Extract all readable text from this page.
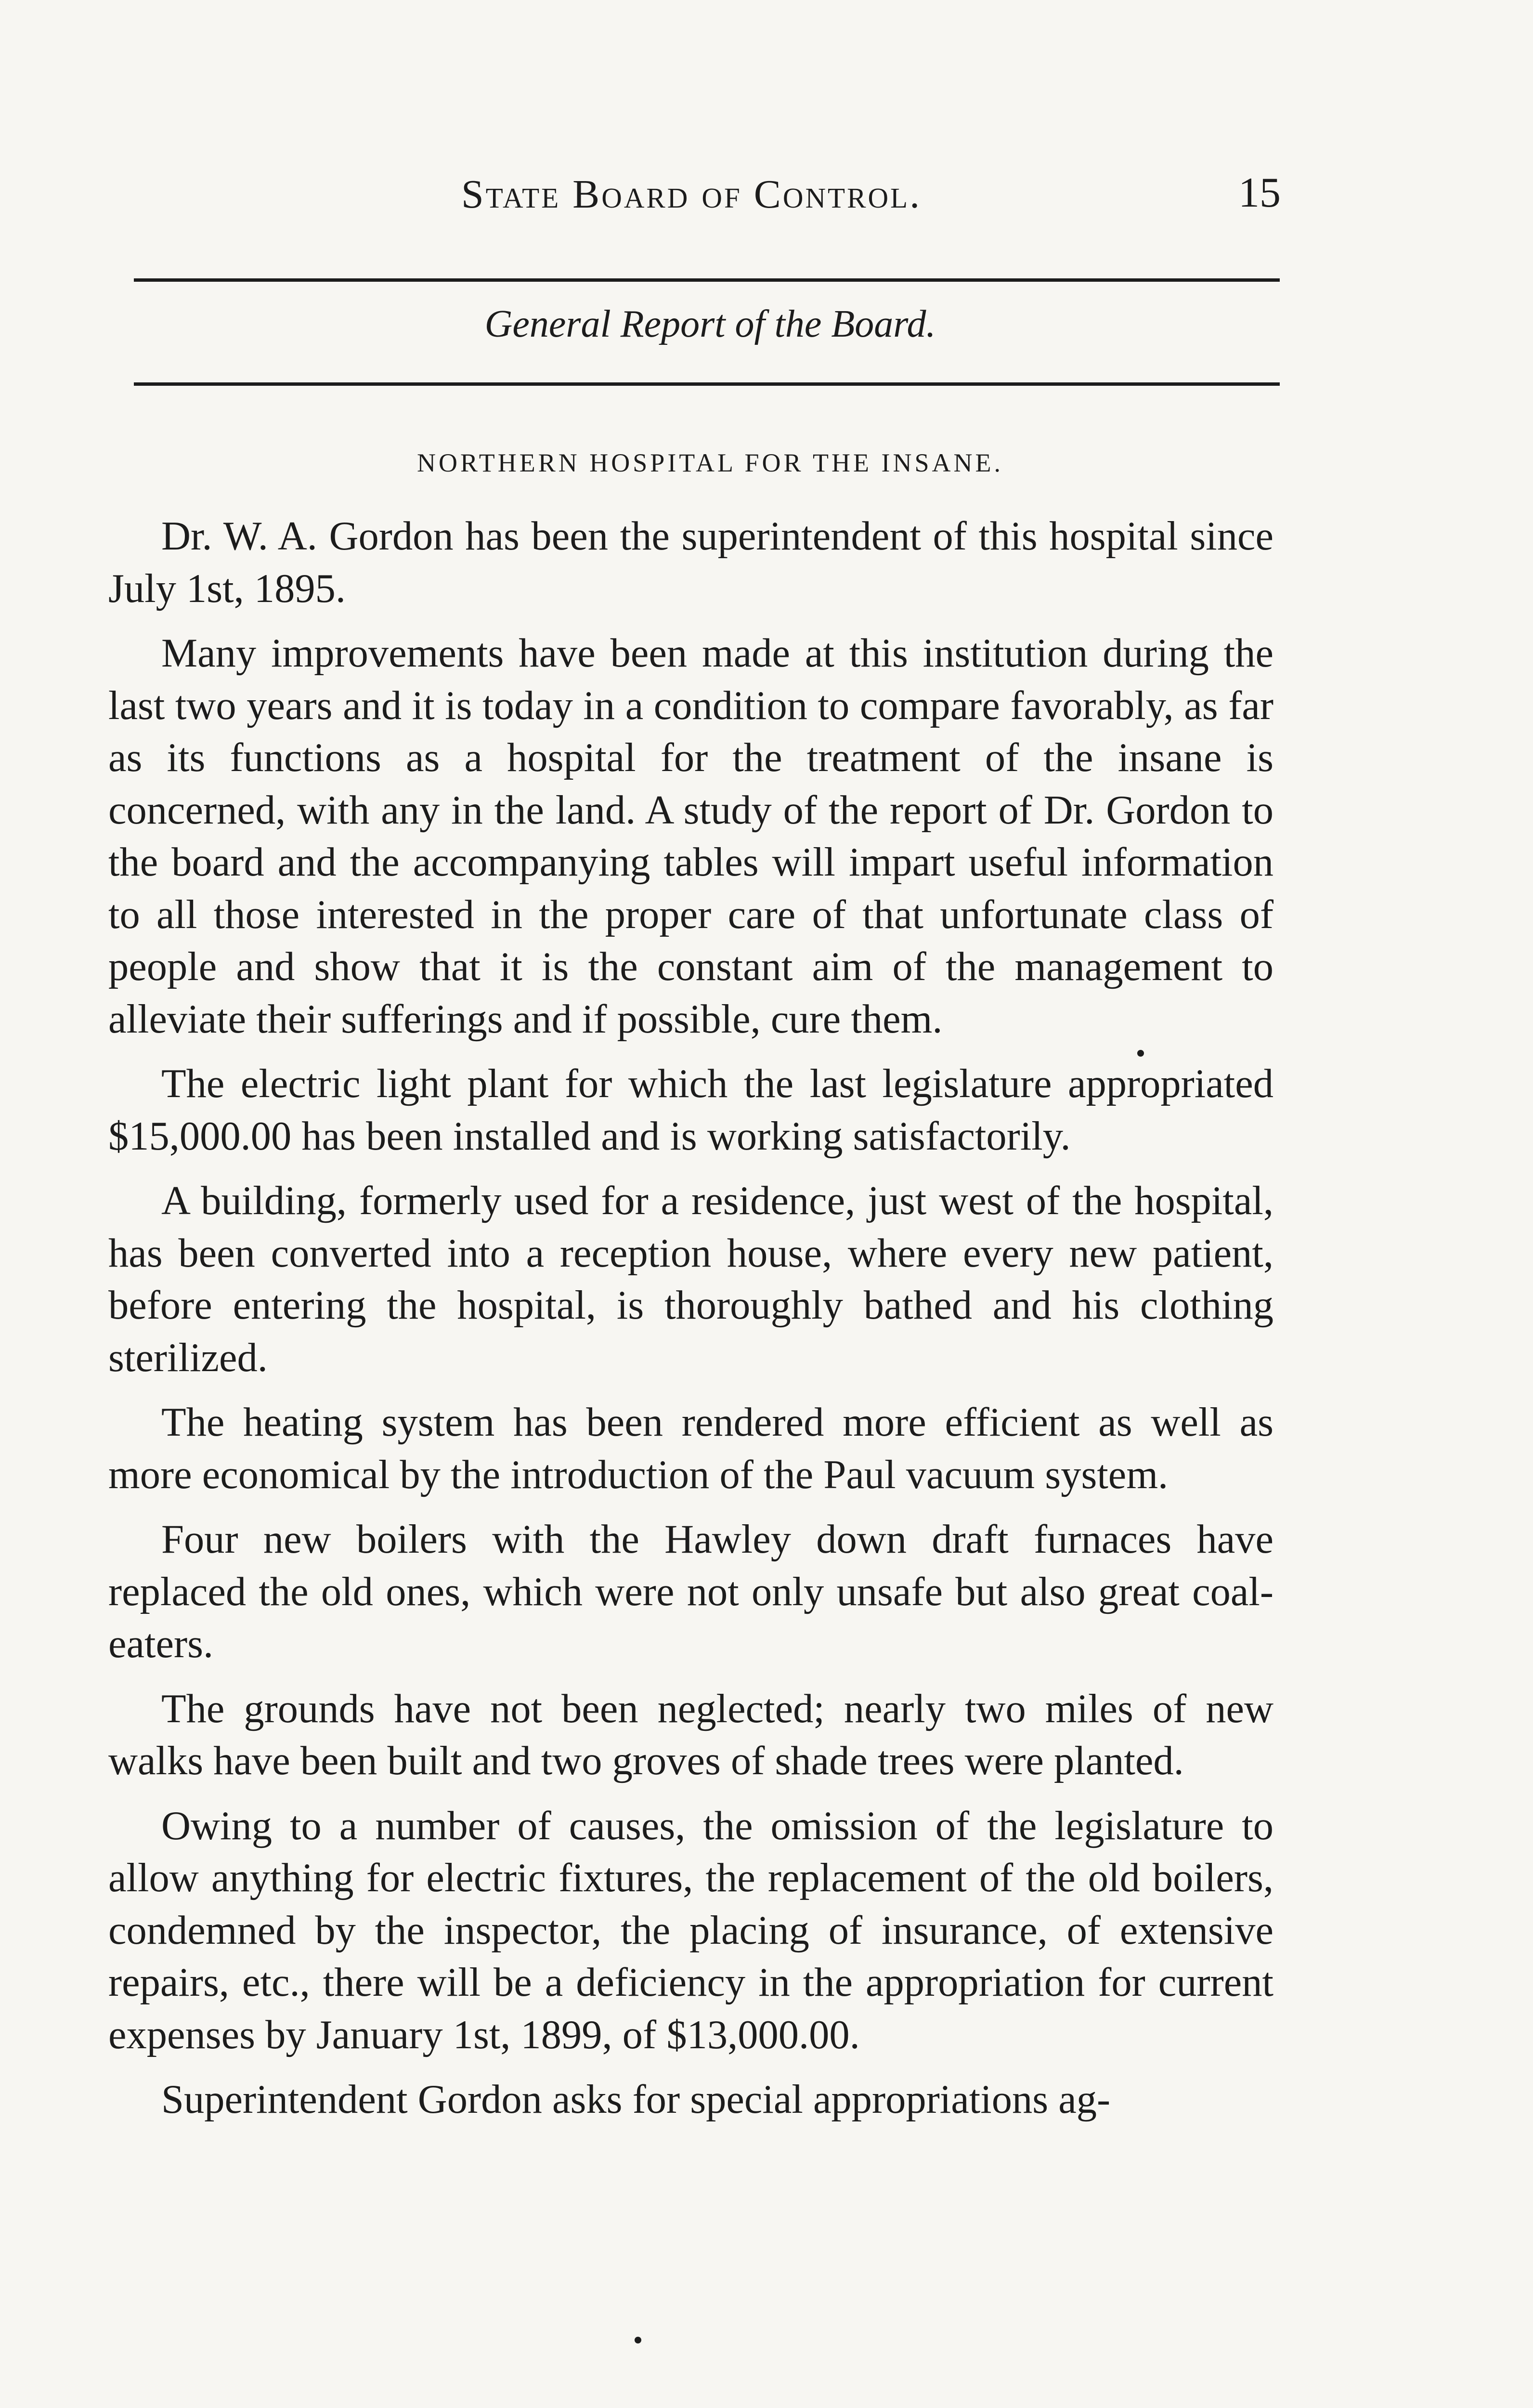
State Board of Control.	15
General Report of the Board.
NORTHERN HOSPITAL FOR THE INSANE.

Dr. W. A. Gordon has been the superintendent of this hospital since July 1st, 1895.

Many improvements have been made at this institution during the last two years and it is today in a condition to compare favorably, as far as its functions as a hospital for the treatment of the insane is concerned, with any in the land. A study of the report of Dr. Gordon to the board and the accompanying tables will impart useful information to all those interested in the proper care of that unfortunate class of people and show that it is the constant aim of the management to alleviate their sufferings and if possible, cure them.

The electric light plant for which the last legislature appropriated $15,000.00 has been installed and is working satisfactorily.

A building, formerly used for a residence, just west of the hospital, has been converted into a reception house, where every new patient, before entering the hospital, is thoroughly bathed and his clothing sterilized.

The heating system has been rendered more efficient as well as more economical by the introduction of the Paul vacuum system.

Four new boilers with the Hawley down draft furnaces have replaced the old ones, which were not only unsafe but also great coal-eaters.

The grounds have not been neglected; nearly two miles of new walks have been built and two groves of shade trees were planted.

Owing to a number of causes, the omission of the legislature to allow anything for electric fixtures, the replacement of the old boilers, condemned by the inspector, the placing of insurance, of extensive repairs, etc., there will be a deficiency in the appropriation for current expenses by January 1st, 1899, of $13,000.00.

Superintendent Gordon asks for special appropriations ag-
